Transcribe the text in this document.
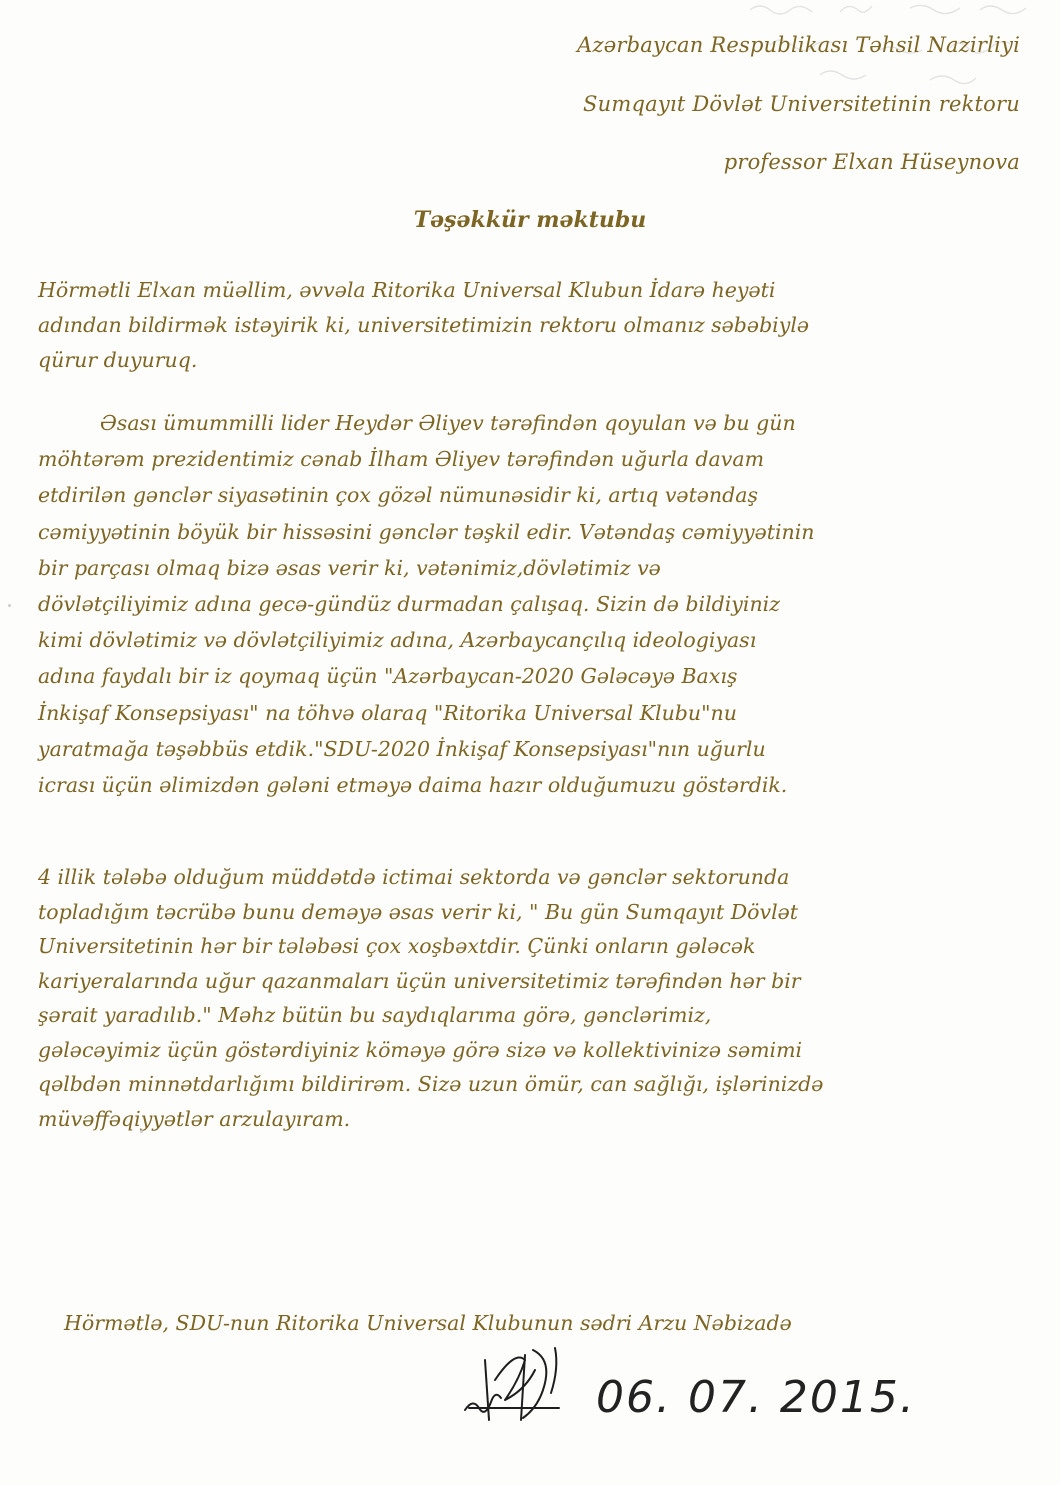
Azərbaycan Respublikası Təhsil Nazirliyi
Sumqayıt Dövlət Universitetinin rektoru
professor Elxan Hüseynova
Təşəkkür məktubu
Hörmətli Elxan müəllim, əvvəla Ritorika Universal Klubun İdarə heyəti
adından bildirmək istəyirik ki, universitetimizin rektoru olmanız səbəbiylə
qürur duyuruq.
Əsası ümummilli lider Heydər Əliyev tərəfindən qoyulan və bu gün
möhtərəm prezidentimiz cənab İlham Əliyev tərəfindən uğurla davam
etdirilən gənclər siyasətinin çox gözəl nümunəsidir ki, artıq vətəndaş
cəmiyyətinin böyük bir hissəsini gənclər təşkil edir. Vətəndaş cəmiyyətinin
bir parçası olmaq bizə əsas verir ki, vətənimiz,dövlətimiz və
dövlətçiliyimiz adına gecə-gündüz durmadan çalışaq. Sizin də bildiyiniz
kimi dövlətimiz və dövlətçiliyimiz adına, Azərbaycançılıq ideologiyası
adına faydalı bir iz qoymaq üçün "Azərbaycan-2020 Gələcəyə Baxış
İnkişaf Konsepsiyası" na töhvə olaraq "Ritorika Universal Klubu"nu
yaratmağa təşəbbüs etdik."SDU-2020 İnkişaf Konsepsiyası"nın uğurlu
icrası üçün əlimizdən gələni etməyə daima hazır olduğumuzu göstərdik.
4 illik tələbə olduğum müddətdə ictimai sektorda və gənclər sektorunda
topladığım təcrübə bunu deməyə əsas verir ki, " Bu gün Sumqayıt Dövlət
Universitetinin hər bir tələbəsi çox xoşbəxtdir. Çünki onların gələcək
kariyeralarında uğur qazanmaları üçün universitetimiz tərəfindən hər bir
şərait yaradılıb." Məhz bütün bu saydıqlarıma görə, gənclərimiz,
gələcəyimiz üçün göstərdiyiniz köməyə görə sizə və kollektivinizə səmimi
qəlbdən minnətdarlığımı bildirirəm. Sizə uzun ömür, can sağlığı, işlərinizdə
müvəffəqiyyətlər arzulayıram.
Hörmətlə, SDU-nun Ritorika Universal Klubunun sədri Arzu Nəbizadə
06. 07. 2015.
